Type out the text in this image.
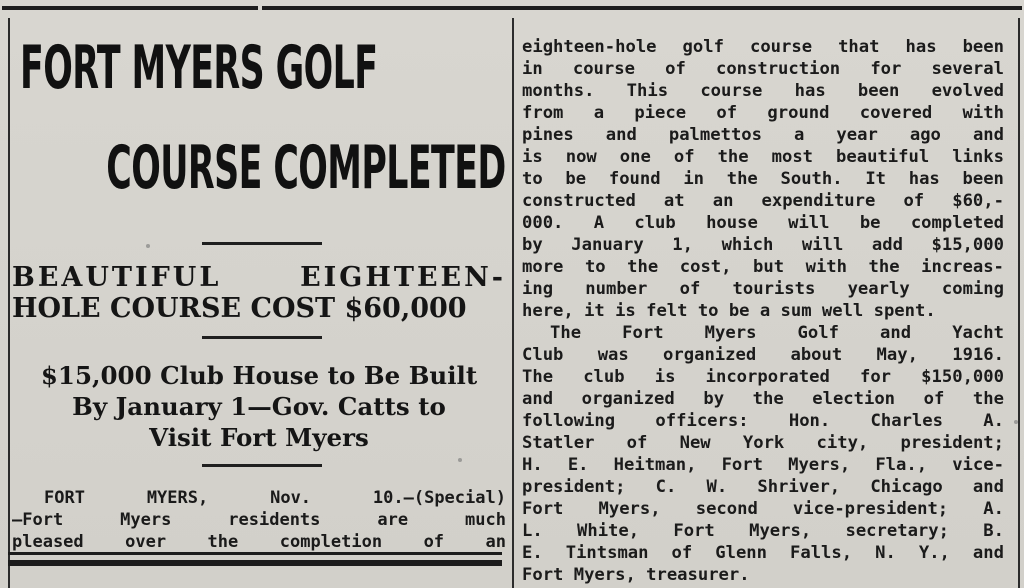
FORT MYERS GOLF
COURSE COMPLETED
BEAUTIFUL	EIGHTEEN-
HOLE COURSE COST $60,000
$15,000 Club House to Be Built
By January 1—Gov. Catts to
Visit Fort Myers
FORT	MYERS,	Nov.	10.—(Special)
—Fort	Myers	residents	are	much
pleased over the completion of an
eighteen-hole golf course that has been
in course of construction for several
months. This course has been evolved
from a piece of ground covered with
pines and palmettos a year ago and
is now one of the most beautiful links
to be found in the South. It has been
constructed at an expenditure of $60,-
000. A club house will be completed
by January 1, which will add $15,000
more to the cost, but with the increas-
ing number of tourists yearly coming
here, it is felt to be a sum well spent.
The Fort Myers Golf and Yacht
Club was organized about May, 1916.
The club is incorporated for $150,000
and organized by the election of the
following officers: Hon. Charles A.
Statler of New York city, president;
H. E. Heitman, Fort Myers, Fla., vice-
president; C. W. Shriver, Chicago and
Fort Myers, second vice-president; A.
L. White, Fort Myers, secretary; B.
E. Tintsman of Glenn Falls, N. Y., and
Fort Myers, treasurer.
